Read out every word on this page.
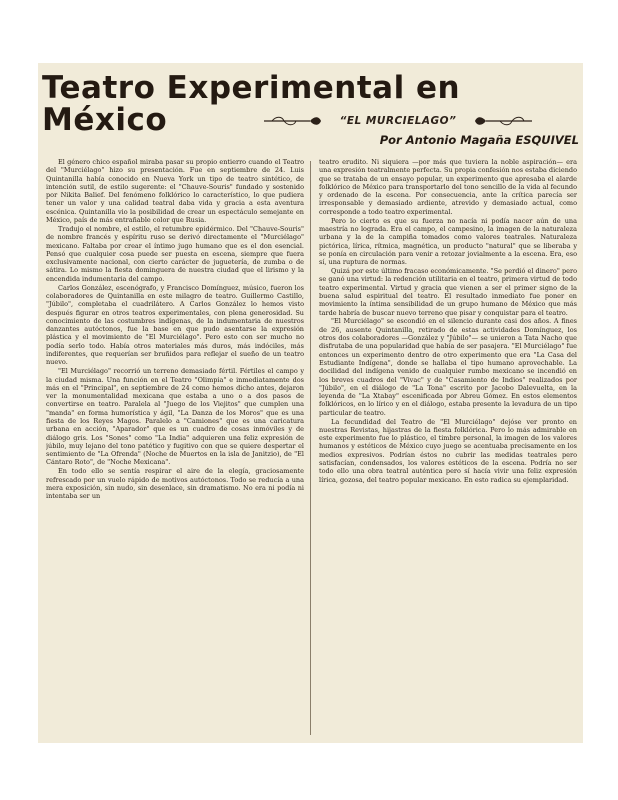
Teatro Experimental en
México	“EL MURCIELAGO”

Por Antonio Magaña ESQUIVEL

El género chico español miraba pasar su propio entierro cuando el Teatro del "Murciélago" hizo su presentación. Fue en septiembre de 24. Luis Quintanilla había conocido en Nueva York un tipo de teatro sintético, de intención sutil, de estilo sugerente: el "Chauve-Souris" fundado y sostenido por Nikita Balief. Del fenómeno folklórico lo característico, lo que pudiera tener un valor y una calidad teatral daba vida y gracia a esta aventura escénica. Quintanilla vio la posibilidad de crear un espectáculo semejante en México, país de más entrañable color que Rusia.

Tradujo el nombre, el estilo, el retumbre epidérmico. Del "Chauve-Souris" de nombre francés y espíritu ruso se derivó directamente el "Murciélago" mexicano. Faltaba por crear el íntimo jugo humano que es el don esencial. Pensó que cualquier cosa puede ser puesta en escena, siempre que fuera exclusivamente nacional, con cierto carácter de juguetería, de zumba o de sátira. Lo mismo la fiesta dominguera de nuestra ciudad que el lirismo y la encendida indumentaria del campo.

Carlos González, escenógrafo, y Francisco Domínguez, músico, fueron los colaboradores de Quintanilla en este milagro de teatro. Guillermo Castillo, "Júbilo", completaba el cuadrilátero. A Carlos González lo hemos visto después figurar en otros teatros experimentales, con plena generosidad. Su conocimiento de las costumbres indígenas, de la indumentaria de nuestros danzantes autóctonos, fue la base en que pudo asentarse la expresión plástica y el movimiento de "El Murciélago". Pero esto con ser mucho no podía serlo todo. Había otros materiales más duros, más indóciles, más indiferentes, que requerían ser bruñidos para reflejar el sueño de un teatro nuevo.

"El Murciélago" recorrió un terreno demasiado fértil. Fértiles el campo y la ciudad misma. Una función en el Teatro "Olimpia" e inmediatamente dos más en el "Principal", en septiembre de 24 como hemos dicho antes, dejaron ver la monumentalidad mexicana que estaba a uno o a dos pasos de convertirse en teatro. Paralela al "Juego de los Viejitos" que cumplen una "manda" en forma humorística y ágil, "La Danza de los Moros" que es una fiesta de los Reyes Magos. Paralelo a "Camiones" que es una caricatura urbana en acción, "Aparador" que es un cuadro de cosas inmóviles y de diálogo gris. Los "Sones" como "La India" adquieren una feliz expresión de júbilo, muy lejano del tono patético y fugitivo con que se quiere despertar el sentimiento de "La Ofrenda" (Noche de Muertos en la isla de Janitzio), de "El Cántaro Roto", de "Noche Mexicana".

En todo ello se sentía respirar el aire de la elegía, graciosamente refrescado por un vuelo rápido de motivos autóctonos. Todo se reducía a una mera exposición, sin nudo, sin desenlace, sin dramatismo. No era ni podía ni intentaba ser un

teatro erudito. Ni siquiera —por más que tuviera la noble aspiración— era una expresión teatralmente perfecta. Su propia confesión nos estaba diciendo que se trataba de un ensayo popular, un experimento que apresaba el alarde folklórico de México para transportarlo del tono sencillo de la vida al fecundo y ordenado de la escena. Por consecuencia, ante la crítica parecía ser irresponsable y demasiado ardiente, atrevido y demasiado actual, como corresponde a todo teatro experimental.

Pero lo cierto es que su fuerza no nacía ni podía nacer aún de una maestría no lograda. Era el campo, el campesino, la imagen de la naturaleza urbana y la de la campiña tomados como valores teatrales. Naturaleza pictórica, lírica, rítmica, magnética, un producto "natural" que se liberaba y se ponía en circulación para venir a retozar jovialmente a la escena. Era, eso sí, una ruptura de normas.

Quizá por este último fracaso económicamente. "Se perdió el dinero" pero se ganó una virtud: la redención utilitaria en el teatro, primera virtud de todo teatro experimental. Virtud y gracia que vienen a ser el primer signo de la buena salud espiritual del teatro. El resultado inmediato fue poner en movimiento la íntima sensibilidad de un grupo humano de México que más tarde habría de buscar nuevo terreno que pisar y conquistar para el teatro.

"El Murciélago" se escondió en el silencio durante casi dos años. A fines de 26, ausente Quintanilla, retirado de estas actividades Domínguez, los otros dos colaboradores —González y "Júbilo"— se unieron a Tata Nacho que disfrutaba de una popularidad que había de ser pasajera. "El Murciélago" fue entonces un experimento dentro de otro experimento que era "La Casa del Estudiante Indígena", donde se hallaba el tipo humano aprovechable. La docilidad del indígena venido de cualquier rumbo mexicano se incendió en los breves cuadros del "Vivac" y de "Casamiento de Indios" realizados por "Júbilo", en el diálogo de "La Tona" escrito por Jacobo Dalevuelta, en la leyenda de "La Xtabay" escenificada por Abreu Gómez. En estos elementos folklóricos, en lo lírico y en el diálogo, estaba presente la levadura de un tipo particular de teatro.

La fecundidad del Teatro de "El Murciélago" dejóse ver pronto en nuestras Revistas, hijastras de la fiesta folklórica. Pero lo más admirable en este experimento fue lo plástico, el timbre personal, la imagen de los valores humanos y estéticos de México cuyo juego se acentuaba precisamente en los medios expresivos. Podrían éstos no cubrir las medidas teatrales pero satisfacían, condensados, los valores estéticos de la escena. Podría no ser todo ello una obra teatral auténtica pero sí hacía vivir una feliz expresión lírica, gozosa, del teatro popular mexicano. En esto radica su ejemplaridad.
